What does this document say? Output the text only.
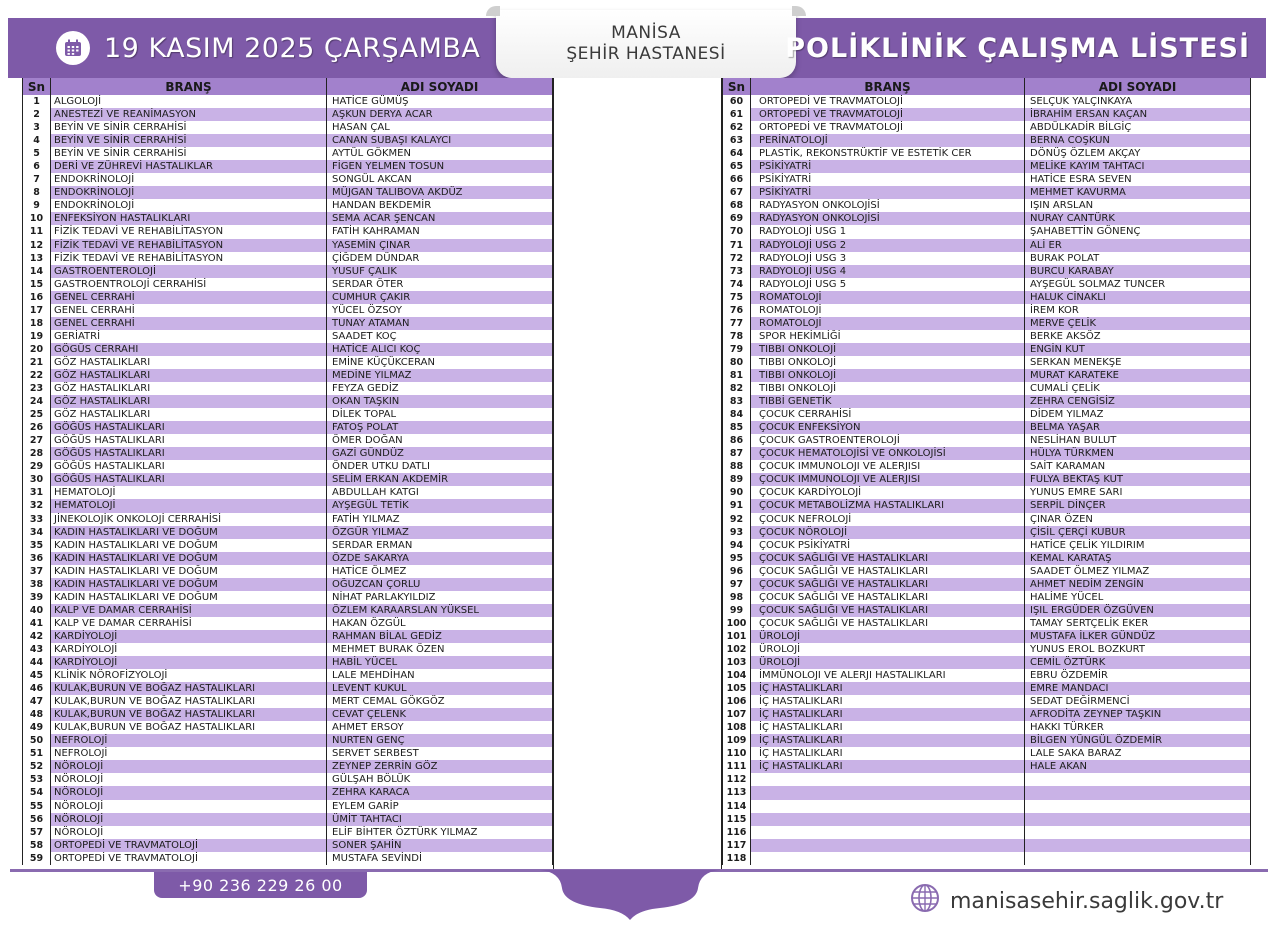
19 KASIM 2025 ÇARŞAMBA	MANİSA
ŞEHİR HASTANESİ POLİKLİNİK ÇALIŞMA LİSTESİ
Sn	BRANŞ	ADI SOYADI
1	ALGOLOJİ	HATİCE GÜMÜŞ
2	ANESTEZİ VE REANİMASYON	AŞKUN DERYA ACAR
3	BEYİN VE SİNİR CERRAHİSİ	HASAN ÇAL
4	BEYİN VE SİNİR CERRAHİSİ	CANAN SUBAŞI KALAYCI
5	BEYİN VE SİNİR CERRAHİSİ	AYTÜL GÖKMEN
6	DERİ VE ZÜHREVİ HASTALIKLAR	FİGEN YELMEN TOSUN
7	ENDOKRİNOLOJİ	SONGÜL AKCAN
8	ENDOKRİNOLOJİ	MÜJGAN TALIBOVA AKDÜZ
9	ENDOKRİNOLOJİ	HANDAN BEKDEMİR
10	ENFEKSİYON HASTALIKLARI	SEMA ACAR ŞENCAN
11	FİZİK TEDAVİ VE REHABİLİTASYON	FATİH KAHRAMAN
12	FİZİK TEDAVİ VE REHABİLİTASYON	YASEMİN ÇINAR
13	FİZİK TEDAVİ VE REHABİLİTASYON	ÇİĞDEM DÜNDAR
14	GASTROENTEROLOJİ	YUSUF ÇALIK
15	GASTROENTROLOJİ CERRAHİSİ	SERDAR ÖTER
16	GENEL CERRAHİ	CUMHUR ÇAKIR
17	GENEL CERRAHİ	YÜCEL ÖZSOY
18	GENEL CERRAHİ	TUNAY ATAMAN
19	GERİATRİ	SAADET KOÇ
20	GÖGÜS CERRAHI	HATİCE ALICI KOÇ
21	GÖZ HASTALIKLARI	EMİNE KÜÇÜKCERAN
22	GÖZ HASTALIKLARI	MEDİNE YILMAZ
23	GÖZ HASTALIKLARI	FEYZA GEDİZ
24	GÖZ HASTALIKLARI	OKAN TAŞKIN
25	GÖZ HASTALIKLARI	DİLEK TOPAL
26	GÖĞÜS HASTALIKLARI	FATOŞ POLAT
27	GÖĞÜS HASTALIKLARI	ÖMER DOĞAN
28	GÖĞÜS HASTALIKLARI	GAZİ GÜNDÜZ
29	GÖĞÜS HASTALIKLARI	ÖNDER UTKU DATLI
30	GÖĞÜS HASTALIKLARI	SELİM ERKAN AKDEMİR
31	HEMATOLOJİ	ABDULLAH KATGI
32	HEMATOLOJİ	AYŞEGÜL TETİK
33	JİNEKOLOJİK ONKOLOJİ CERRAHİSİ	FATİH YILMAZ
34	KADIN HASTALIKLARI VE DOĞUM	ÖZGÜR YILMAZ
35	KADIN HASTALIKLARI VE DOĞUM	SERDAR ERMAN
36	KADIN HASTALIKLARI VE DOĞUM	ÖZDE SAKARYA
37	KADIN HASTALIKLARI VE DOĞUM	HATİCE ÖLMEZ
38	KADIN HASTALIKLARI VE DOĞUM	OĞUZCAN ÇORLU
39	KADIN HASTALIKLARI VE DOĞUM	NİHAT PARLAKYILDIZ
40	KALP VE DAMAR CERRAHİSİ	ÖZLEM KARAARSLAN YÜKSEL
41	KALP VE DAMAR CERRAHİSİ	HAKAN ÖZGÜL
42	KARDİYOLOJİ	RAHMAN BİLAL GEDİZ
43	KARDİYOLOJİ	MEHMET BURAK ÖZEN
44	KARDİYOLOJİ	HABİL YÜCEL
45	KLİNİK NÖROFİZYOLOJİ	LALE MEHDİHAN
46	KULAK,BURUN VE BOĞAZ HASTALIKLARI	LEVENT KUKUL
47	KULAK,BURUN VE BOĞAZ HASTALIKLARI	MERT CEMAL GÖKGÖZ
48	KULAK,BURUN VE BOĞAZ HASTALIKLARI	CEVAT ÇELENK
49	KULAK,BURUN VE BOĞAZ HASTALIKLARI	AHMET ERSOY
50	NEFROLOJİ	NURTEN GENÇ
51	NEFROLOJİ	SERVET SERBEST
52	NÖROLOJİ	ZEYNEP ZERRİN GÖZ
53	NÖROLOJİ	GÜLŞAH BÖLÜK
54	NÖROLOJİ	ZEHRA KARACA
55	NÖROLOJİ	EYLEM GARİP
56	NÖROLOJİ	ÜMİT TAHTACI
57	NÖROLOJİ	ELİF BİHTER ÖZTÜRK YILMAZ
58	ORTOPEDİ VE TRAVMATOLOJİ	SONER ŞAHİN
59	ORTOPEDİ VE TRAVMATOLOJİ	MUSTAFA SEVİNDİ
Sn	BRANŞ	ADI SOYADI
60	ORTOPEDİ VE TRAVMATOLOJİ	SELÇUK YALÇINKAYA
61	ORTOPEDİ VE TRAVMATOLOJİ	İBRAHİM ERSAN KAÇAN
62	ORTOPEDİ VE TRAVMATOLOJİ	ABDÜLKADİR BİLGİÇ
63	PERİNATOLOJİ	BERNA COŞKUN
64	PLASTİK, REKONSTRÜKTİF VE ESTETİK CER	DÖNÜŞ ÖZLEM AKÇAY
65	PSİKİYATRİ	MELİKE KAYIM TAHTACI
66	PSİKİYATRİ	HATİCE ESRA SEVEN
67	PSİKİYATRİ	MEHMET KAVURMA
68	RADYASYON ONKOLOJİSİ	IŞIN ARSLAN
69	RADYASYON ONKOLOJİSİ	NURAY CANTÜRK
70	RADYOLOJİ USG 1	ŞAHABETTİN GÖNENÇ
71	RADYOLOJİ USG 2	ALİ ER
72	RADYOLOJİ USG 3	BURAK POLAT
73	RADYOLOJİ USG 4	BURCU KARABAY
74	RADYOLOJİ USG 5	AYŞEGÜL SOLMAZ TUNCER
75	ROMATOLOJİ	HALUK CİNAKLI
76	ROMATOLOJİ	İREM KOR
77	ROMATOLOJİ	MERVE ÇELİK
78	SPOR HEKİMLİĞİ	BERKE AKSÖZ
79	TIBBI ONKOLOJİ	ENGİN KUT
80	TIBBI ONKOLOJİ	SERKAN MENEKŞE
81	TIBBI ONKOLOJİ	MURAT KARATEKE
82	TIBBI ONKOLOJİ	CUMALİ ÇELİK
83	TIBBİ GENETİK	ZEHRA CENGİSİZ
84	ÇOCUK CERRAHİSİ	DİDEM YILMAZ
85	ÇOCUK ENFEKSİYON	BELMA YAŞAR
86	ÇOCUK GASTROENTEROLOJİ	NESLİHAN BULUT
87	ÇOCUK HEMATOLOJİSİ VE ONKOLOJİSİ	HÜLYA TÜRKMEN
88	ÇOCUK IMMUNOLOJI VE ALERJISI	SAİT KARAMAN
89	ÇOCUK IMMUNOLOJI VE ALERJISI	FULYA BEKTAŞ KUT
90	ÇOCUK KARDİYOLOJİ	YUNUS EMRE SARI
91	ÇOCUK METABOLİZMA HASTALIKLARI	SERPİL DİNÇER
92	ÇOCUK NEFROLOJİ	ÇINAR ÖZEN
93	ÇOCUK NÖROLOJİ	ÇİSİL ÇERÇİ KUBUR
94	ÇOCUK PSİKİYATRİ	HATİCE ÇELİK YILDIRIM
95	ÇOCUK SAĞLIĞI VE HASTALIKLARI	KEMAL KARATAŞ
96	ÇOCUK SAĞLIĞI VE HASTALIKLARI	SAADET ÖLMEZ YILMAZ
97	ÇOCUK SAĞLIĞI VE HASTALIKLARI	AHMET NEDİM ZENGİN
98	ÇOCUK SAĞLIĞI VE HASTALIKLARI	HALİME YÜCEL
99	ÇOCUK SAĞLIĞI VE HASTALIKLARI	IŞIL ERGÜDER ÖZGÜVEN
100	ÇOCUK SAĞLIĞI VE HASTALIKLARI	TAMAY SERTÇELİK EKER
101	ÜROLOJİ	MUSTAFA İLKER GÜNDÜZ
102	ÜROLOJİ	YUNUS EROL BOZKURT
103	ÜROLOJİ	CEMİL ÖZTÜRK
104	İMMÜNOLOJI VE ALERJI HASTALIKLARI	EBRU ÖZDEMİR
105	İÇ HASTALIKLARI	EMRE MANDACI
106	İÇ HASTALIKLARI	SEDAT DEĞİRMENCİ
107	İÇ HASTALIKLARI	AFRODİTA ZEYNEP TAŞKIN
108	İÇ HASTALIKLARI	HAKKI TÜRKER
109	İÇ HASTALIKLARI	BİLGEN YÜNGÜL ÖZDEMİR
110	İÇ HASTALIKLARI	LALE SAKA BARAZ
111	İÇ HASTALIKLARI	HALE AKAN
112
113
114
115
116
117
118
+90 236 229 26 00
manisasehir.saglik.gov.tr
